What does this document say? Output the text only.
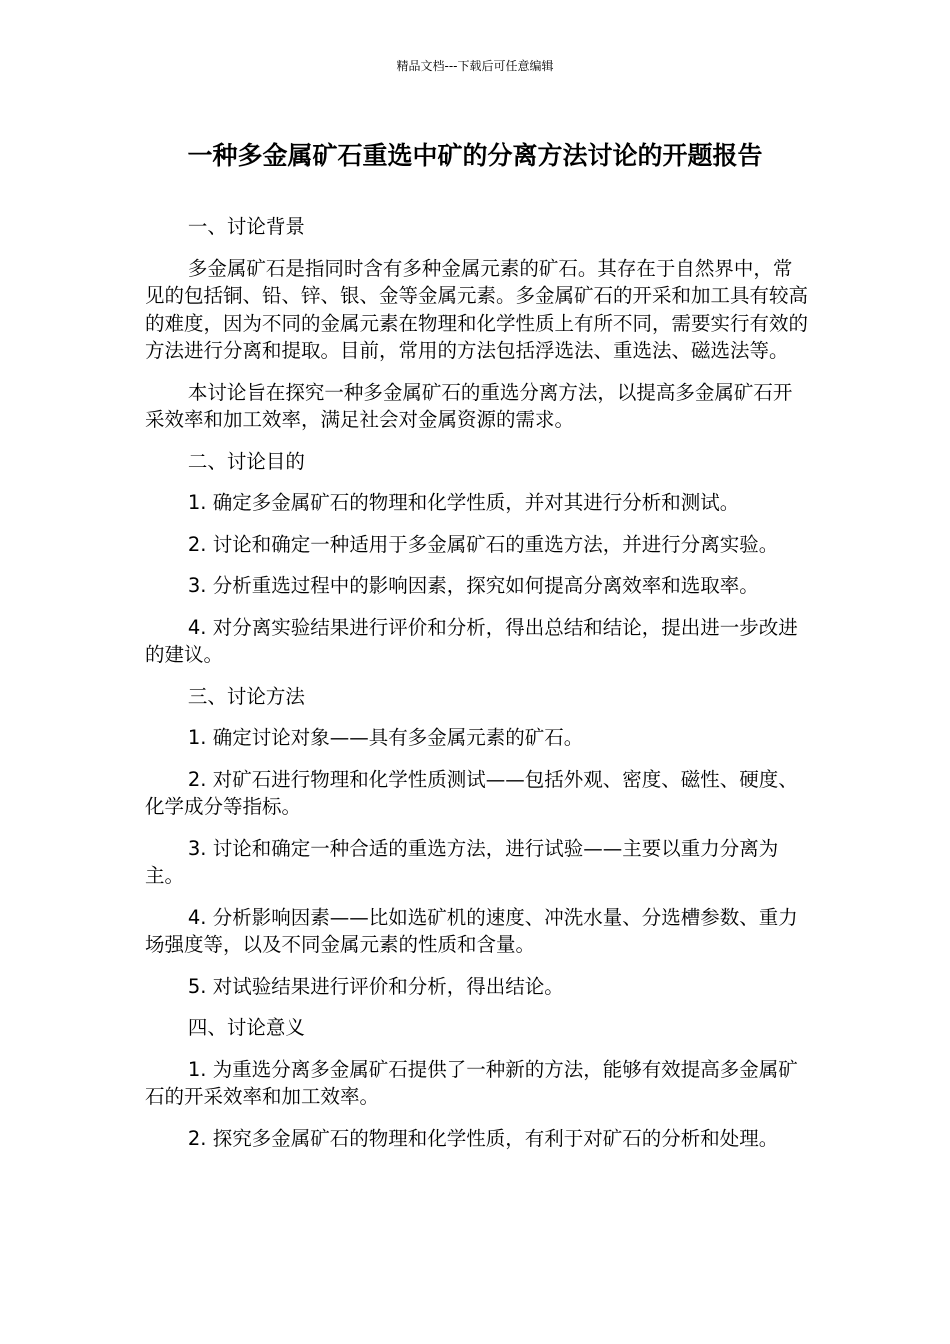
精品文档---下载后可任意编辑
一种多金属矿石重选中矿的分离方法讨论的开题报告

一、讨论背景

多金属矿石是指同时含有多种金属元素的矿石。其存在于自然界中，常见的包括铜、铅、锌、银、金等金属元素。多金属矿石的开采和加工具有较高的难度，因为不同的金属元素在物理和化学性质上有所不同，需要实行有效的方法进行分离和提取。目前，常用的方法包括浮选法、重选法、磁选法等。

本讨论旨在探究一种多金属矿石的重选分离方法，以提高多金属矿石开采效率和加工效率，满足社会对金属资源的需求。

二、讨论目的

1. 确定多金属矿石的物理和化学性质，并对其进行分析和测试。

2. 讨论和确定一种适用于多金属矿石的重选方法，并进行分离实验。

3. 分析重选过程中的影响因素，探究如何提高分离效率和选取率。

4. 对分离实验结果进行评价和分析，得出总结和结论，提出进一步改进的建议。

三、讨论方法

1. 确定讨论对象——具有多金属元素的矿石。

2. 对矿石进行物理和化学性质测试——包括外观、密度、磁性、硬度、化学成分等指标。

3. 讨论和确定一种合适的重选方法，进行试验——主要以重力分离为主。

4. 分析影响因素——比如选矿机的速度、冲洗水量、分选槽参数、重力场强度等，以及不同金属元素的性质和含量。

5. 对试验结果进行评价和分析，得出结论。

四、讨论意义

1. 为重选分离多金属矿石提供了一种新的方法，能够有效提高多金属矿石的开采效率和加工效率。

2. 探究多金属矿石的物理和化学性质，有利于对矿石的分析和处理。
